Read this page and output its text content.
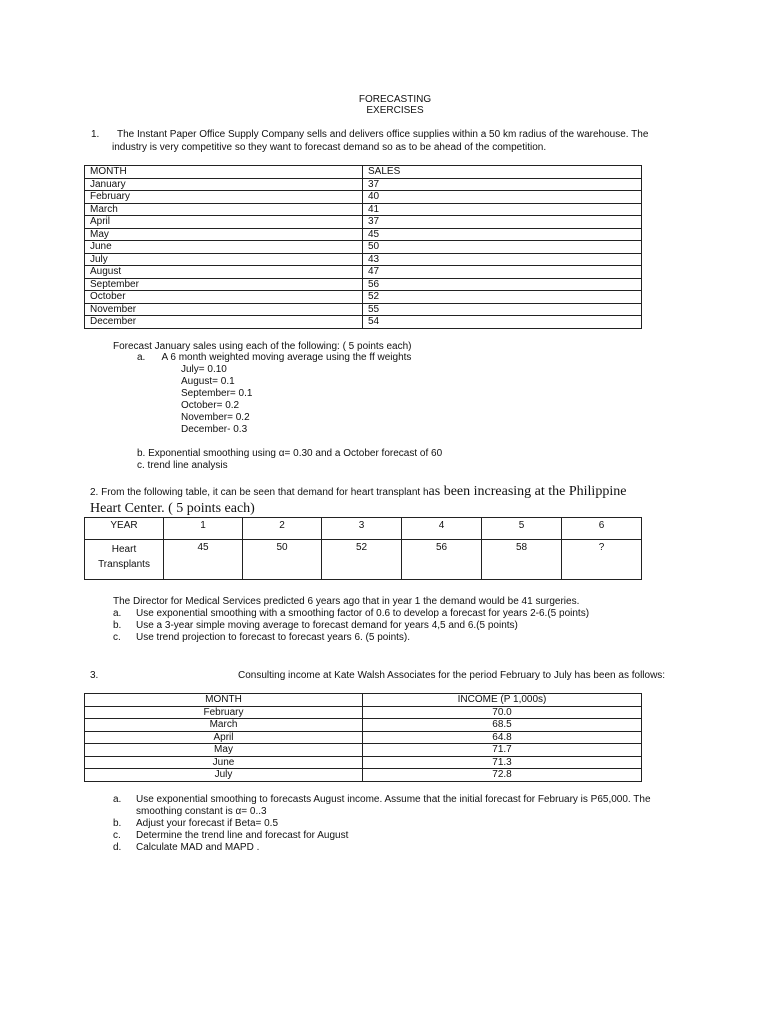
FORECASTING
EXERCISES
1. The Instant Paper Office Supply Company sells and delivers office supplies within a 50 km radius of the warehouse. The
industry is very competitive so they want to forecast demand so as to be ahead of the competition.
MONTH	SALES
January	37
February	40
March	41
April	37
May	45
June	50
July	43
August	47
September	56
October	52
November	55
December	54
Forecast January sales using each of the following: ( 5 points each)
a.      A 6 month weighted moving average using the ff weights
July= 0.10
August= 0.1
September= 0.1
October= 0.2
November= 0.2
December- 0.3
b. Exponential smoothing using α= 0.30 and a October forecast of 60
c. trend line analysis
2. From the following table, it can be seen that demand for heart transplant has been increasing at the Philippine
Heart Center. ( 5 points each)
YEAR	1	2	3	4	5	6

Heart
Transplants	45	50	52	56	58	?
The Director for Medical Services predicted 6 years ago that in year 1 the demand would be 41 surgeries.
a. Use exponential smoothing with a smoothing factor of 0.6 to develop a forecast for years 2-6.(5 points)
b. Use a 3-year simple moving average to forecast demand for years 4,5 and 6.(5 points)
c. Use trend projection to forecast to forecast years 6. (5 points).
3.	Consulting income at Kate Walsh Associates for the period February to July has been as follows:
MONTH	INCOME (P 1,000s)
February	70.0
March	68.5
April	64.8
May	71.7
June	71.3
July	72.8
a. Use exponential smoothing to forecasts August income. Assume that the initial forecast for February is P65,000. The
smoothing constant is α= 0..3
b. Adjust your forecast if Beta= 0.5
c. Determine the trend line and forecast for August
d. Calculate MAD and MAPD .
